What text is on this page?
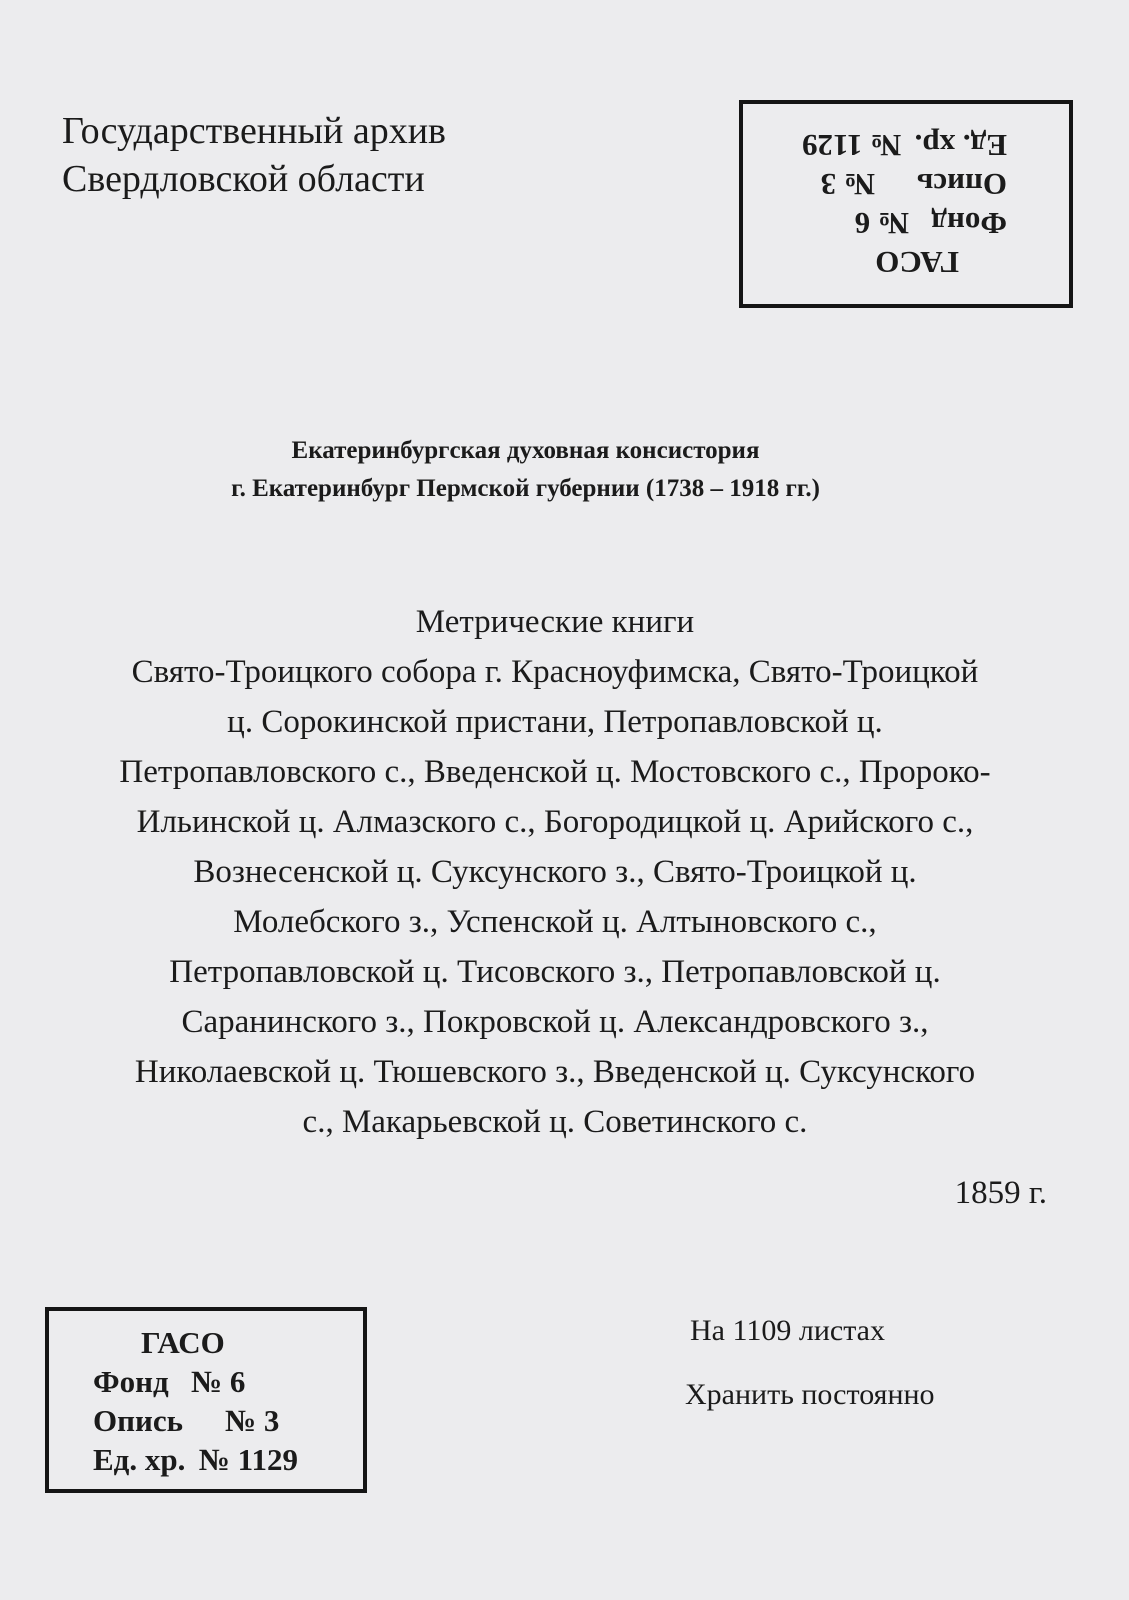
Государственный архив
Свердловской области
ГАСО
Фонд№ 6
Опись№ 3
Ед. хр. № 1129
Екатеринбургская духовная консистория
г. Екатеринбург Пермской губернии (1738 – 1918 гг.)
Метрические книги
Свято-Троицкого собора г. Красноуфимска, Свято-Троицкой
ц. Сорокинской пристани, Петропавловской ц.
Петропавловского с., Введенской ц. Мостовского с., Пророко-
Ильинской ц. Алмазского с., Богородицкой ц. Арийского с.,
Вознесенской ц. Суксунского з., Свято-Троицкой ц.
Молебского з., Успенской ц. Алтыновского с.,
Петропавловской ц. Тисовского з., Петропавловской ц.
Саранинского з., Покровской ц. Александровского з.,
Николаевской ц. Тюшевского з., Введенской ц. Суксунского
с., Макарьевской ц. Советинского с.
1859 г.
На 1109 листах
Хранить постоянно
ГАСО
Фонд № 6
Опись № 3
Ед. хр. № 1129
